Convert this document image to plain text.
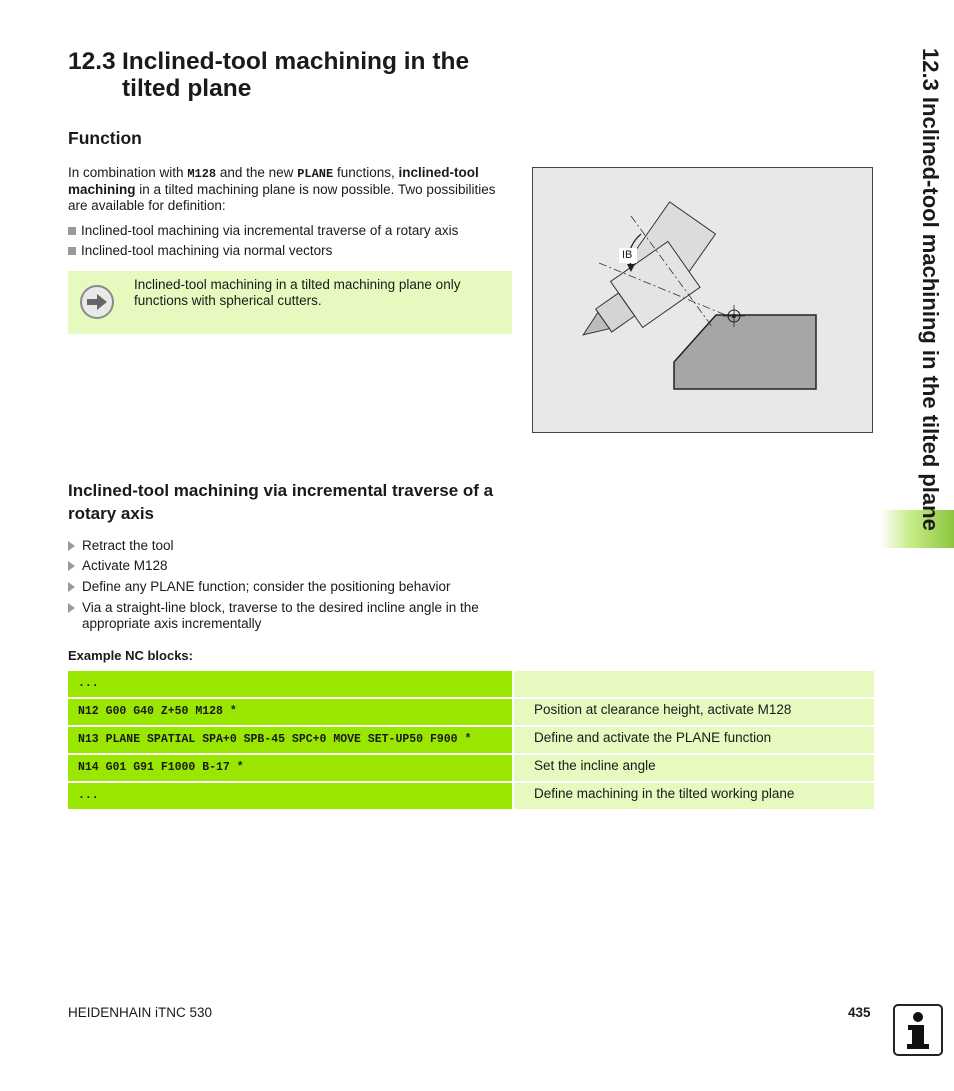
12.3 Inclined-tool machining in the
tilted plane
Function
In combination with M128 and the new PLANE functions, inclined-tool machining in a tilted machining plane is now possible. Two possibilities are available for definition:
Inclined-tool machining via incremental traverse of a rotary axis
Inclined-tool machining via normal vectors
Inclined-tool machining in a tilted machining plane only functions with spherical cutters.
IB
Inclined-tool machining via incremental traverse of a rotary axis
Retract the tool
Activate M128
Define any PLANE function; consider the positioning behavior
Via a straight-line block, traverse to the desired incline angle in the appropriate axis incrementally
Example NC blocks:
...
N12 G00 G40 Z+50 M128 *	Position at clearance height, activate M128
N13 PLANE SPATIAL SPA+0 SPB-45 SPC+0 MOVE SET-UP50 F900 *	Define and activate the PLANE function
N14 G01 G91 F1000 B-17 *	Set the incline angle
...	Define machining in the tilted working plane
12.3 Inclined-tool machining in the tilted plane
HEIDENHAIN iTNC 530	435
